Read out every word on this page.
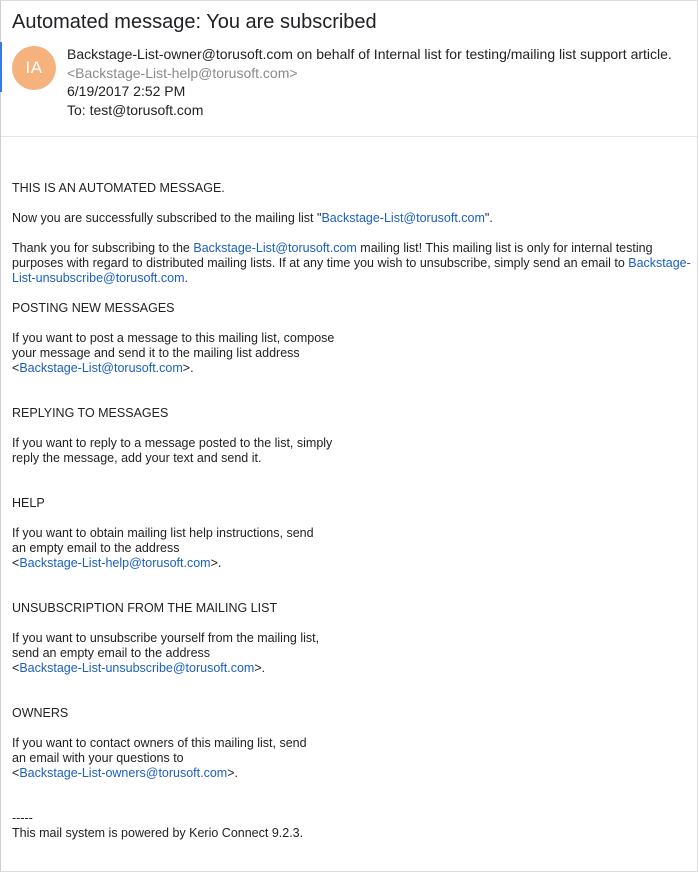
Automated message: You are subscribed
IA
Backstage-List-owner@torusoft.com on behalf of Internal list for testing/mailing list support article.
<Backstage-List-help@torusoft.com>
6/19/2017 2:52 PM
To: test@torusoft.com

THIS IS AN AUTOMATED MESSAGE.

Now you are successfully subscribed to the mailing list "Backstage-List@torusoft.com".

Thank you for subscribing to the Backstage-List@torusoft.com mailing list! This mailing list is only for internal testing purposes with regard to distributed mailing lists. If at any time you wish to unsubscribe, simply send an email to Backstage-List-unsubscribe@torusoft.com.

POSTING NEW MESSAGES

If you want to post a message to this mailing list, compose

your message and send it to the mailing list address

<Backstage-List@torusoft.com>.

REPLYING TO MESSAGES

If you want to reply to a message posted to the list, simply

reply the message, add your text and send it.

HELP

If you want to obtain mailing list help instructions, send

an empty email to the address

<Backstage-List-help@torusoft.com>.

UNSUBSCRIPTION FROM THE MAILING LIST

If you want to unsubscribe yourself from the mailing list,

send an empty email to the address

<Backstage-List-unsubscribe@torusoft.com>.

OWNERS

If you want to contact owners of this mailing list, send

an email with your questions to

<Backstage-List-owners@torusoft.com>.

-----

This mail system is powered by Kerio Connect 9.2.3.
